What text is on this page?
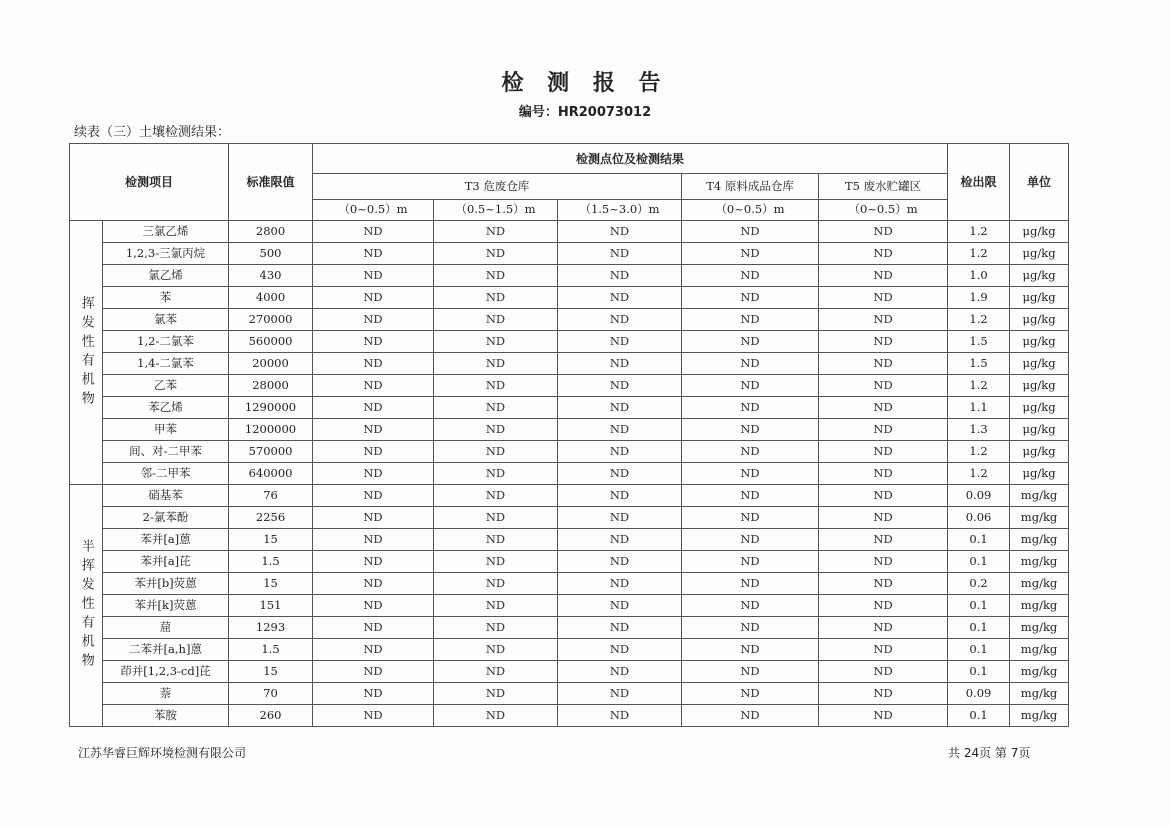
检 测 报 告
编号：HR20073012
续表（三）土壤检测结果：
检测项目		标准限值	检测点位及检测结果					检出限	单位
			T3 危废仓库			T4 原料成品仓库	T5 废水贮罐区		
			（0~0.5）m	（0.5~1.5）m	（1.5~3.0）m	（0~0.5）m	（0~0.5）m		
挥发性有机物	三氯乙烯	2800	ND	ND	ND	ND	ND	1.2	μg/kg
	1,2,3-三氯丙烷	500	ND	ND	ND	ND	ND	1.2	μg/kg
	氯乙烯	430	ND	ND	ND	ND	ND	1.0	μg/kg
	苯	4000	ND	ND	ND	ND	ND	1.9	μg/kg
	氯苯	270000	ND	ND	ND	ND	ND	1.2	μg/kg
	1,2-二氯苯	560000	ND	ND	ND	ND	ND	1.5	μg/kg
	1,4-二氯苯	20000	ND	ND	ND	ND	ND	1.5	μg/kg
	乙苯	28000	ND	ND	ND	ND	ND	1.2	μg/kg
	苯乙烯	1290000	ND	ND	ND	ND	ND	1.1	μg/kg
	甲苯	1200000	ND	ND	ND	ND	ND	1.3	μg/kg
	间、对-二甲苯	570000	ND	ND	ND	ND	ND	1.2	μg/kg
	邻-二甲苯	640000	ND	ND	ND	ND	ND	1.2	μg/kg
半挥发性有机物	硝基苯	76	ND	ND	ND	ND	ND	0.09	mg/kg
	2-氯苯酚	2256	ND	ND	ND	ND	ND	0.06	mg/kg
	苯并[a]蒽	15	ND	ND	ND	ND	ND	0.1	mg/kg
	苯并[a]芘	1.5	ND	ND	ND	ND	ND	0.1	mg/kg
	苯并[b]荧蒽	15	ND	ND	ND	ND	ND	0.2	mg/kg
	苯并[k]荧蒽	151	ND	ND	ND	ND	ND	0.1	mg/kg
	䓛	1293	ND	ND	ND	ND	ND	0.1	mg/kg
	二苯并[a,h]蒽	1.5	ND	ND	ND	ND	ND	0.1	mg/kg
	茚并[1,2,3-cd]芘	15	ND	ND	ND	ND	ND	0.1	mg/kg
	萘	70	ND	ND	ND	ND	ND	0.09	mg/kg
	苯胺	260	ND	ND	ND	ND	ND	0.1	mg/kg
江苏华睿巨辉环境检测有限公司	共 24页 第 7页
